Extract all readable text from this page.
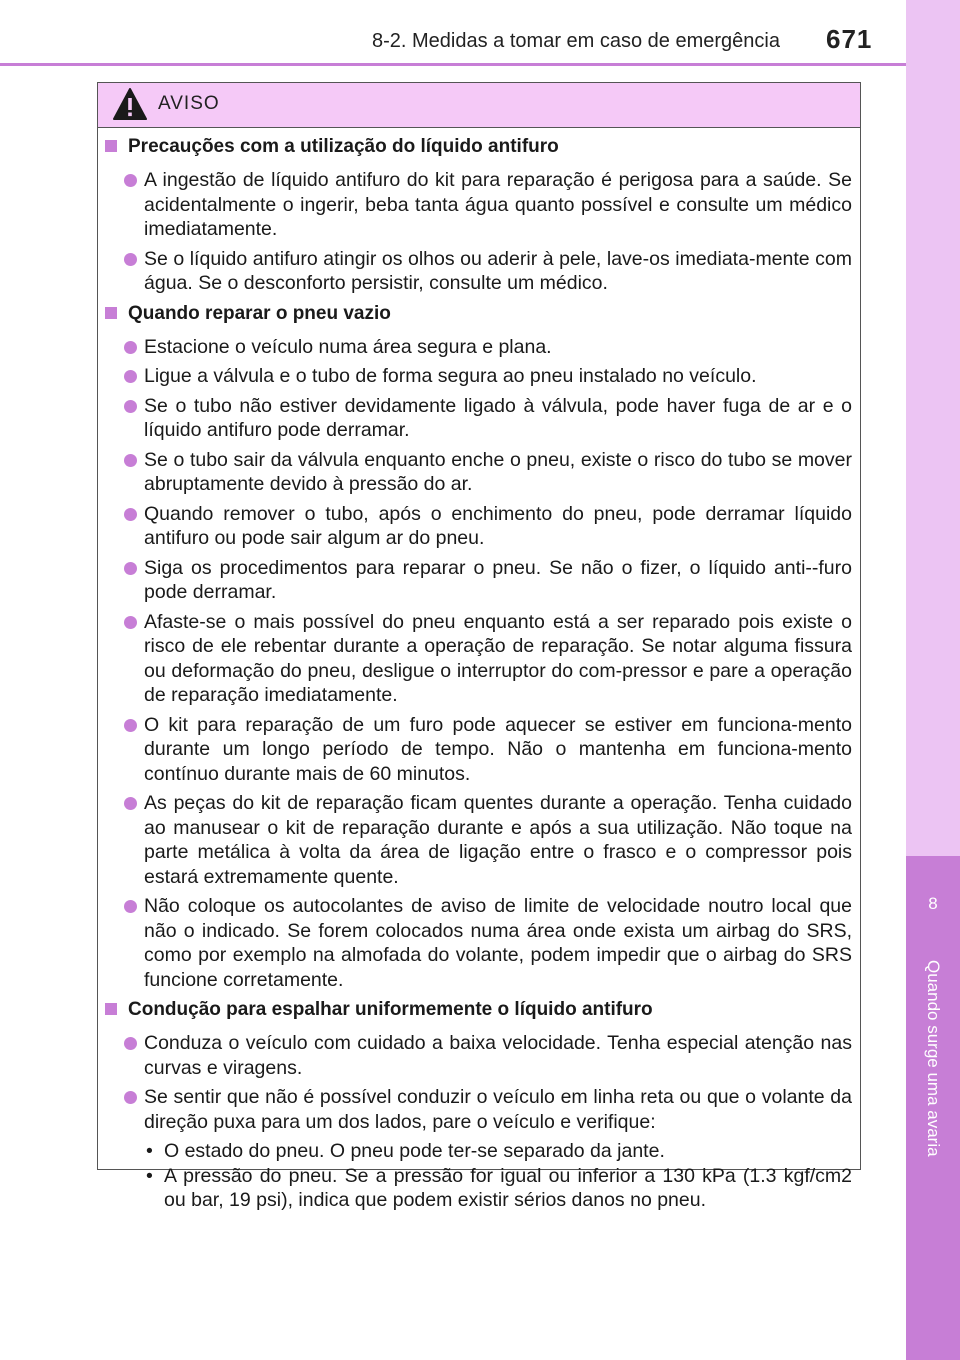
8
Quando surge uma avaria
8-2. Medidas a tomar em caso de emergência 671
AVISO
Precauções com a utilização do líquido antifuro
A ingestão de líquido antifuro do kit para reparação é perigosa para a saúde. Se acidentalmente o ingerir, beba tanta água quanto possível e consulte um médico imediatamente.
Se o líquido antifuro atingir os olhos ou aderir à pele, lave-os imediata-mente com água. Se o desconforto persistir, consulte um médico.
Quando reparar o pneu vazio
Estacione o veículo numa área segura e plana.
Ligue a válvula e o tubo de forma segura ao pneu instalado no veículo.
Se o tubo não estiver devidamente ligado à válvula, pode haver fuga de ar e o líquido antifuro pode derramar.
Se o tubo sair da válvula enquanto enche o pneu, existe o risco do tubo se mover abruptamente devido à pressão do ar.
Quando remover o tubo, após o enchimento do pneu, pode derramar líquido antifuro ou pode sair algum ar do pneu.
Siga os procedimentos para reparar o pneu. Se não o fizer, o líquido anti--furo pode derramar.
Afaste-se o mais possível do pneu enquanto está a ser reparado pois existe o risco de ele rebentar durante a operação de reparação. Se notar alguma fissura ou deformação do pneu, desligue o interruptor do com-pressor e pare a operação de reparação imediatamente.
O kit para reparação de um furo pode aquecer se estiver em funciona-mento durante um longo período de tempo. Não o mantenha em funciona-mento contínuo durante mais de 60 minutos.
As peças do kit de reparação ficam quentes durante a operação. Tenha cuidado ao manusear o kit de reparação durante e após a sua utilização. Não toque na parte metálica à volta da área de ligação entre o frasco e o compressor pois estará extremamente quente.
Não coloque os autocolantes de aviso de limite de velocidade noutro local que não o indicado. Se forem colocados numa área onde exista um airbag do SRS, como por exemplo na almofada do volante, podem impedir que o airbag do SRS funcione corretamente.
Condução para espalhar uniformemente o líquido antifuro
Conduza o veículo com cuidado a baixa velocidade. Tenha especial atenção nas curvas e viragens.
Se sentir que não é possível conduzir o veículo em linha reta ou que o volante da direção puxa para um dos lados, pare o veículo e verifique:
• O estado do pneu. O pneu pode ter-se separado da jante.
• A pressão do pneu. Se a pressão for igual ou inferior a 130 kPa (1.3 kgf/cm2 ou bar, 19 psi), indica que podem existir sérios danos no pneu.
